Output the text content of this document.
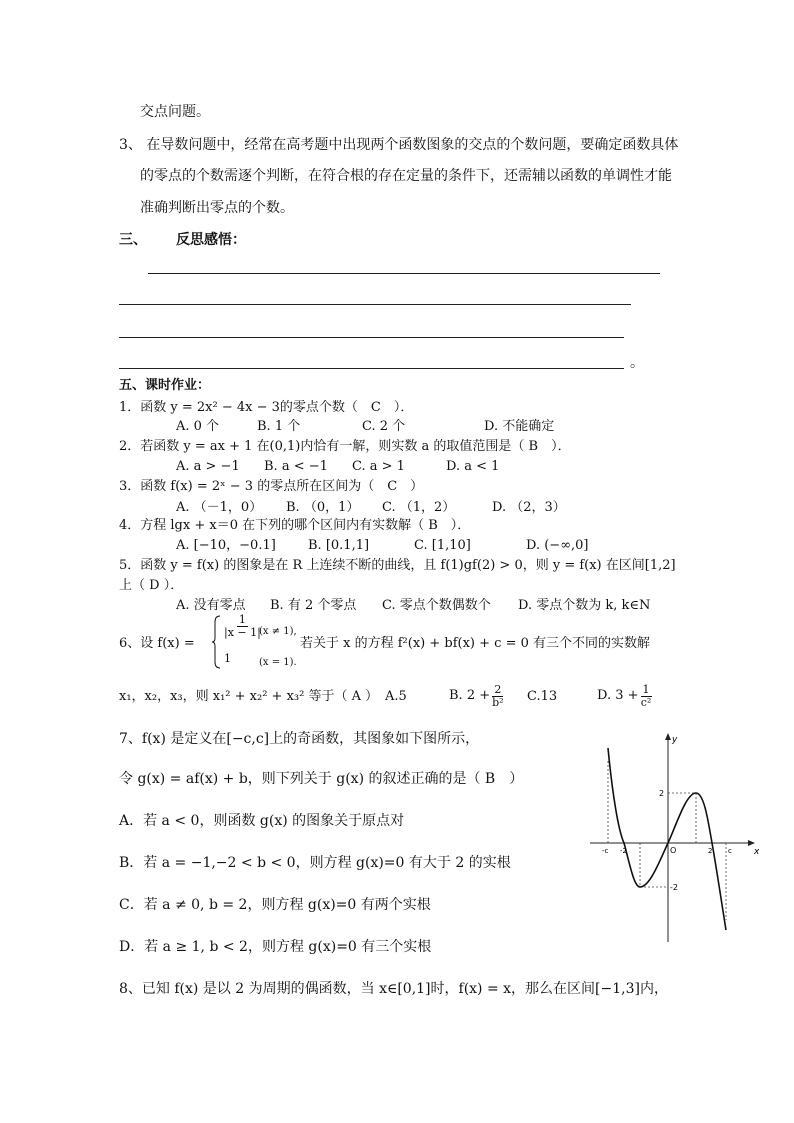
交点问题。
3、 在导数问题中，经常在高考题中出现两个函数图象的交点的个数问题，要确定函数具体
的零点的个数需逐个判断，在符合根的存在定量的条件下，还需辅以函数的单调性才能
准确判断出零点的个数。
三、 反思感悟：
。
五、课时作业：
1．函数 y = 2x² − 4x − 3的零点个数（　C　）．
A. 0 个	B. 1 个	C. 2 个	D. 不能确定
2．若函数 y = ax + 1 在(0,1)内恰有一解，则实数 a 的取值范围是（ B　）．
A. a > −1 B. a < −1 C. a > 1	D. a < 1
3．函数 f(x) = 2ˣ − 3 的零点所在区间为（　C　）
A. （－1，0） B. （0，1） C. （1，2）	D. （2，3）
4．方程 lgx + x＝0 在下列的哪个区间内有实数解（ B　）．
A. [−10，−0.1] B. [0.1,1]	C. [1,10]	D. (−∞,0]
5．函数 y = f(x) 的图象是在 R 上连续不断的曲线，且 f(1)gf(2) > 0，则 y = f(x) 在区间[1,2]
上（ D ）．
A. 没有零点 B. 有 2 个零点 C. 零点个数偶数个 D. 零点个数为 k, k∈N
6、设 f(x) =
$\frac{1}{|x - 1|}$
1
(x ≠ 1),
(x = 1).
若关于 x 的方程 f²(x) + bf(x) + c = 0 有三个不同的实数解
x₁，x₂，x₃，则 x₁² + x₂² + x₃² 等于（ A ） A.5	B. $2 + \frac{2}{\text{b²}} C.13$	D. $3 + \frac{1}{\text{c²}}$
7、f(x) 是定义在[−c,c]上的奇函数，其图象如下图所示，
令 g(x) = af(x) + b，则下列关于 g(x) 的叙述正确的是（ B　）
A．若 a < 0，则函数 g(x) 的图象关于原点对
B．若 a = −1,−2 < b < 0，则方程 g(x)=0 有大于 2 的实根
C．若 a ≠ 0, b = 2，则方程 g(x)=0 有两个实根
D．若 a ≥ 1, b < 2，则方程 g(x)=0 有三个实根
8、已知 f(x) 是以 2 为周期的偶函数，当 x∈[0,1]时，f(x) = x，那么在区间[−1,3]内，
y
x
O
2
-2
-c -2	2 c
